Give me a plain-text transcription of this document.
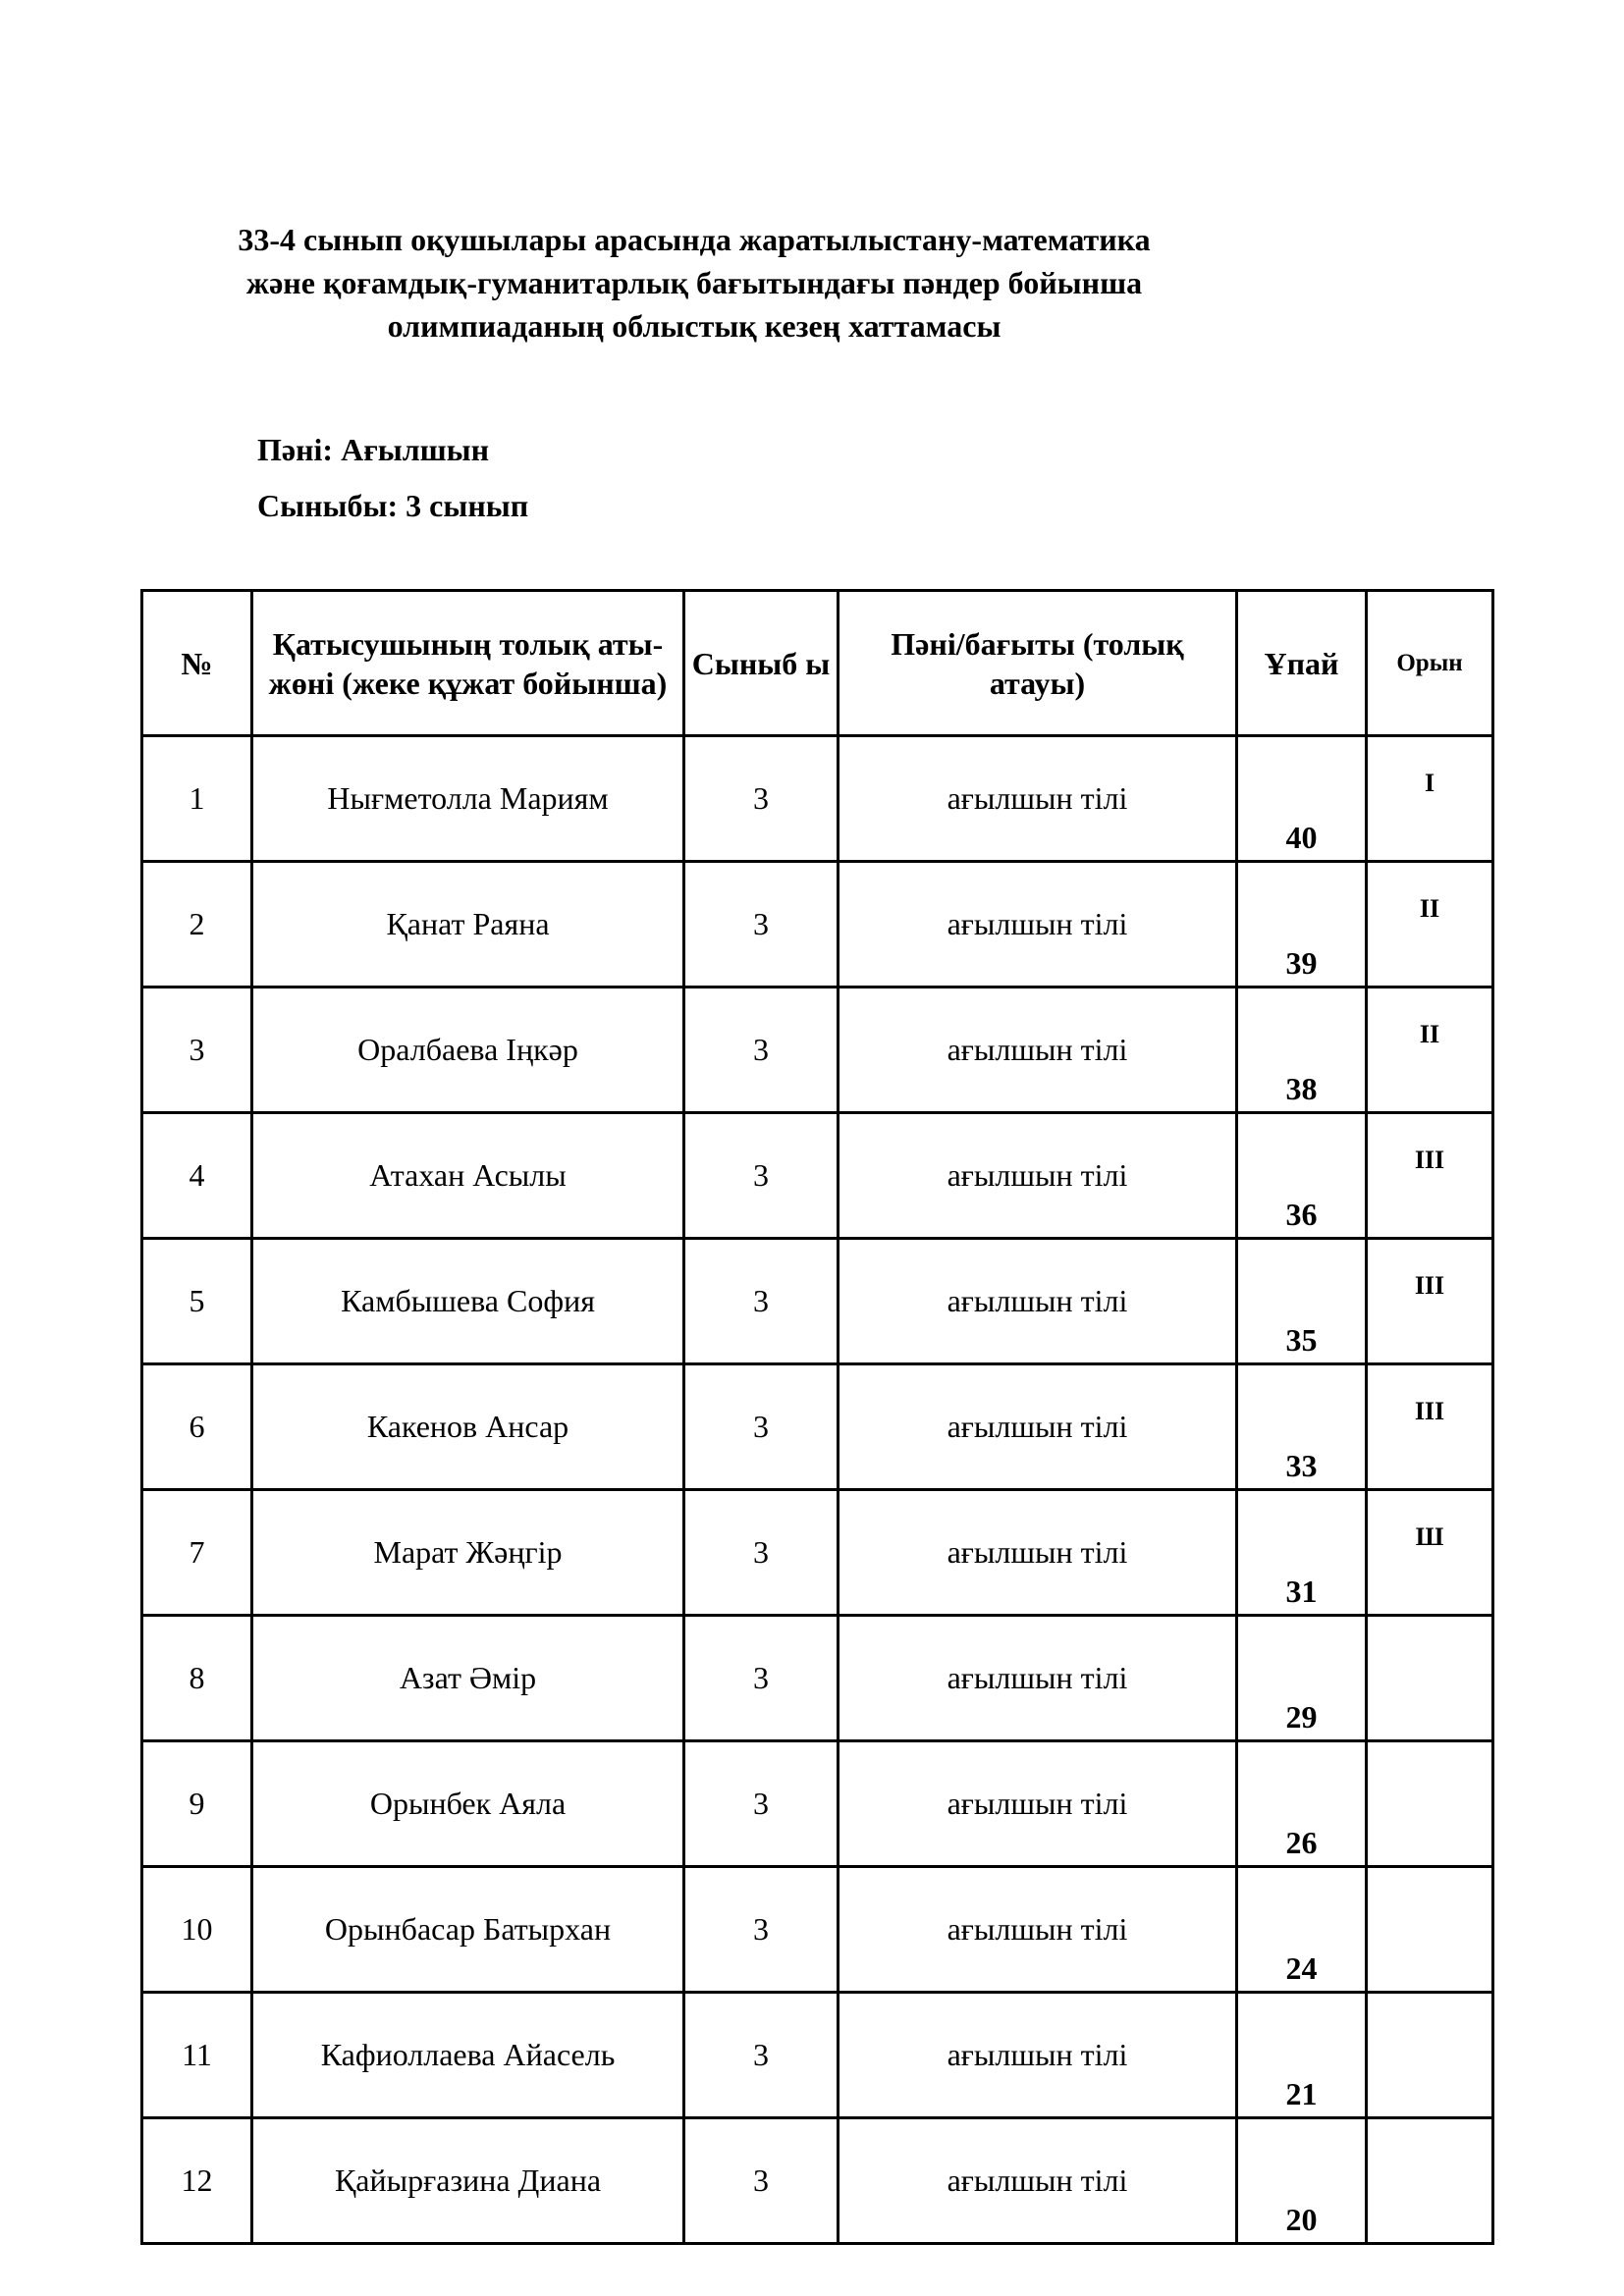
33-4 сынып оқушылары арасында жаратылыстану-математика
және қоғамдық-гуманитарлық бағытындағы пәндер бойынша
олимпиаданың облыстық кезең хаттамасы
Пәні: Ағылшын
Сыныбы: 3 сынып
№	Қатысушының толық аты-жөні (жеке құжат бойынша)	Сыныб ы	Пәні/бағыты (толық атауы)	Ұпай	Орын
1	Нығметолла Мариям	3	ағылшын тілі	40	I
2	Қанат Раяна	3	ағылшын тілі	39	II
3	Оралбаева Іңкәр	3	ағылшын тілі	38	II
4	Атахан Асылы	3	ағылшын тілі	36	III
5	Камбышева София	3	ағылшын тілі	35	III
6	Какенов Ансар	3	ағылшын тілі	33	III
7	Марат Жәңгір	3	ағылшын тілі	31	Ш
8	Азат Әмір	3	ағылшын тілі	29	
9	Орынбек Аяла	3	ағылшын тілі	26	
10	Орынбасар Батырхан	3	ағылшын тілі	24	
11	Кафиоллаева Айасель	3	ағылшын тілі	21	
12	Қайырғазина Диана	3	ағылшын тілі	20	
